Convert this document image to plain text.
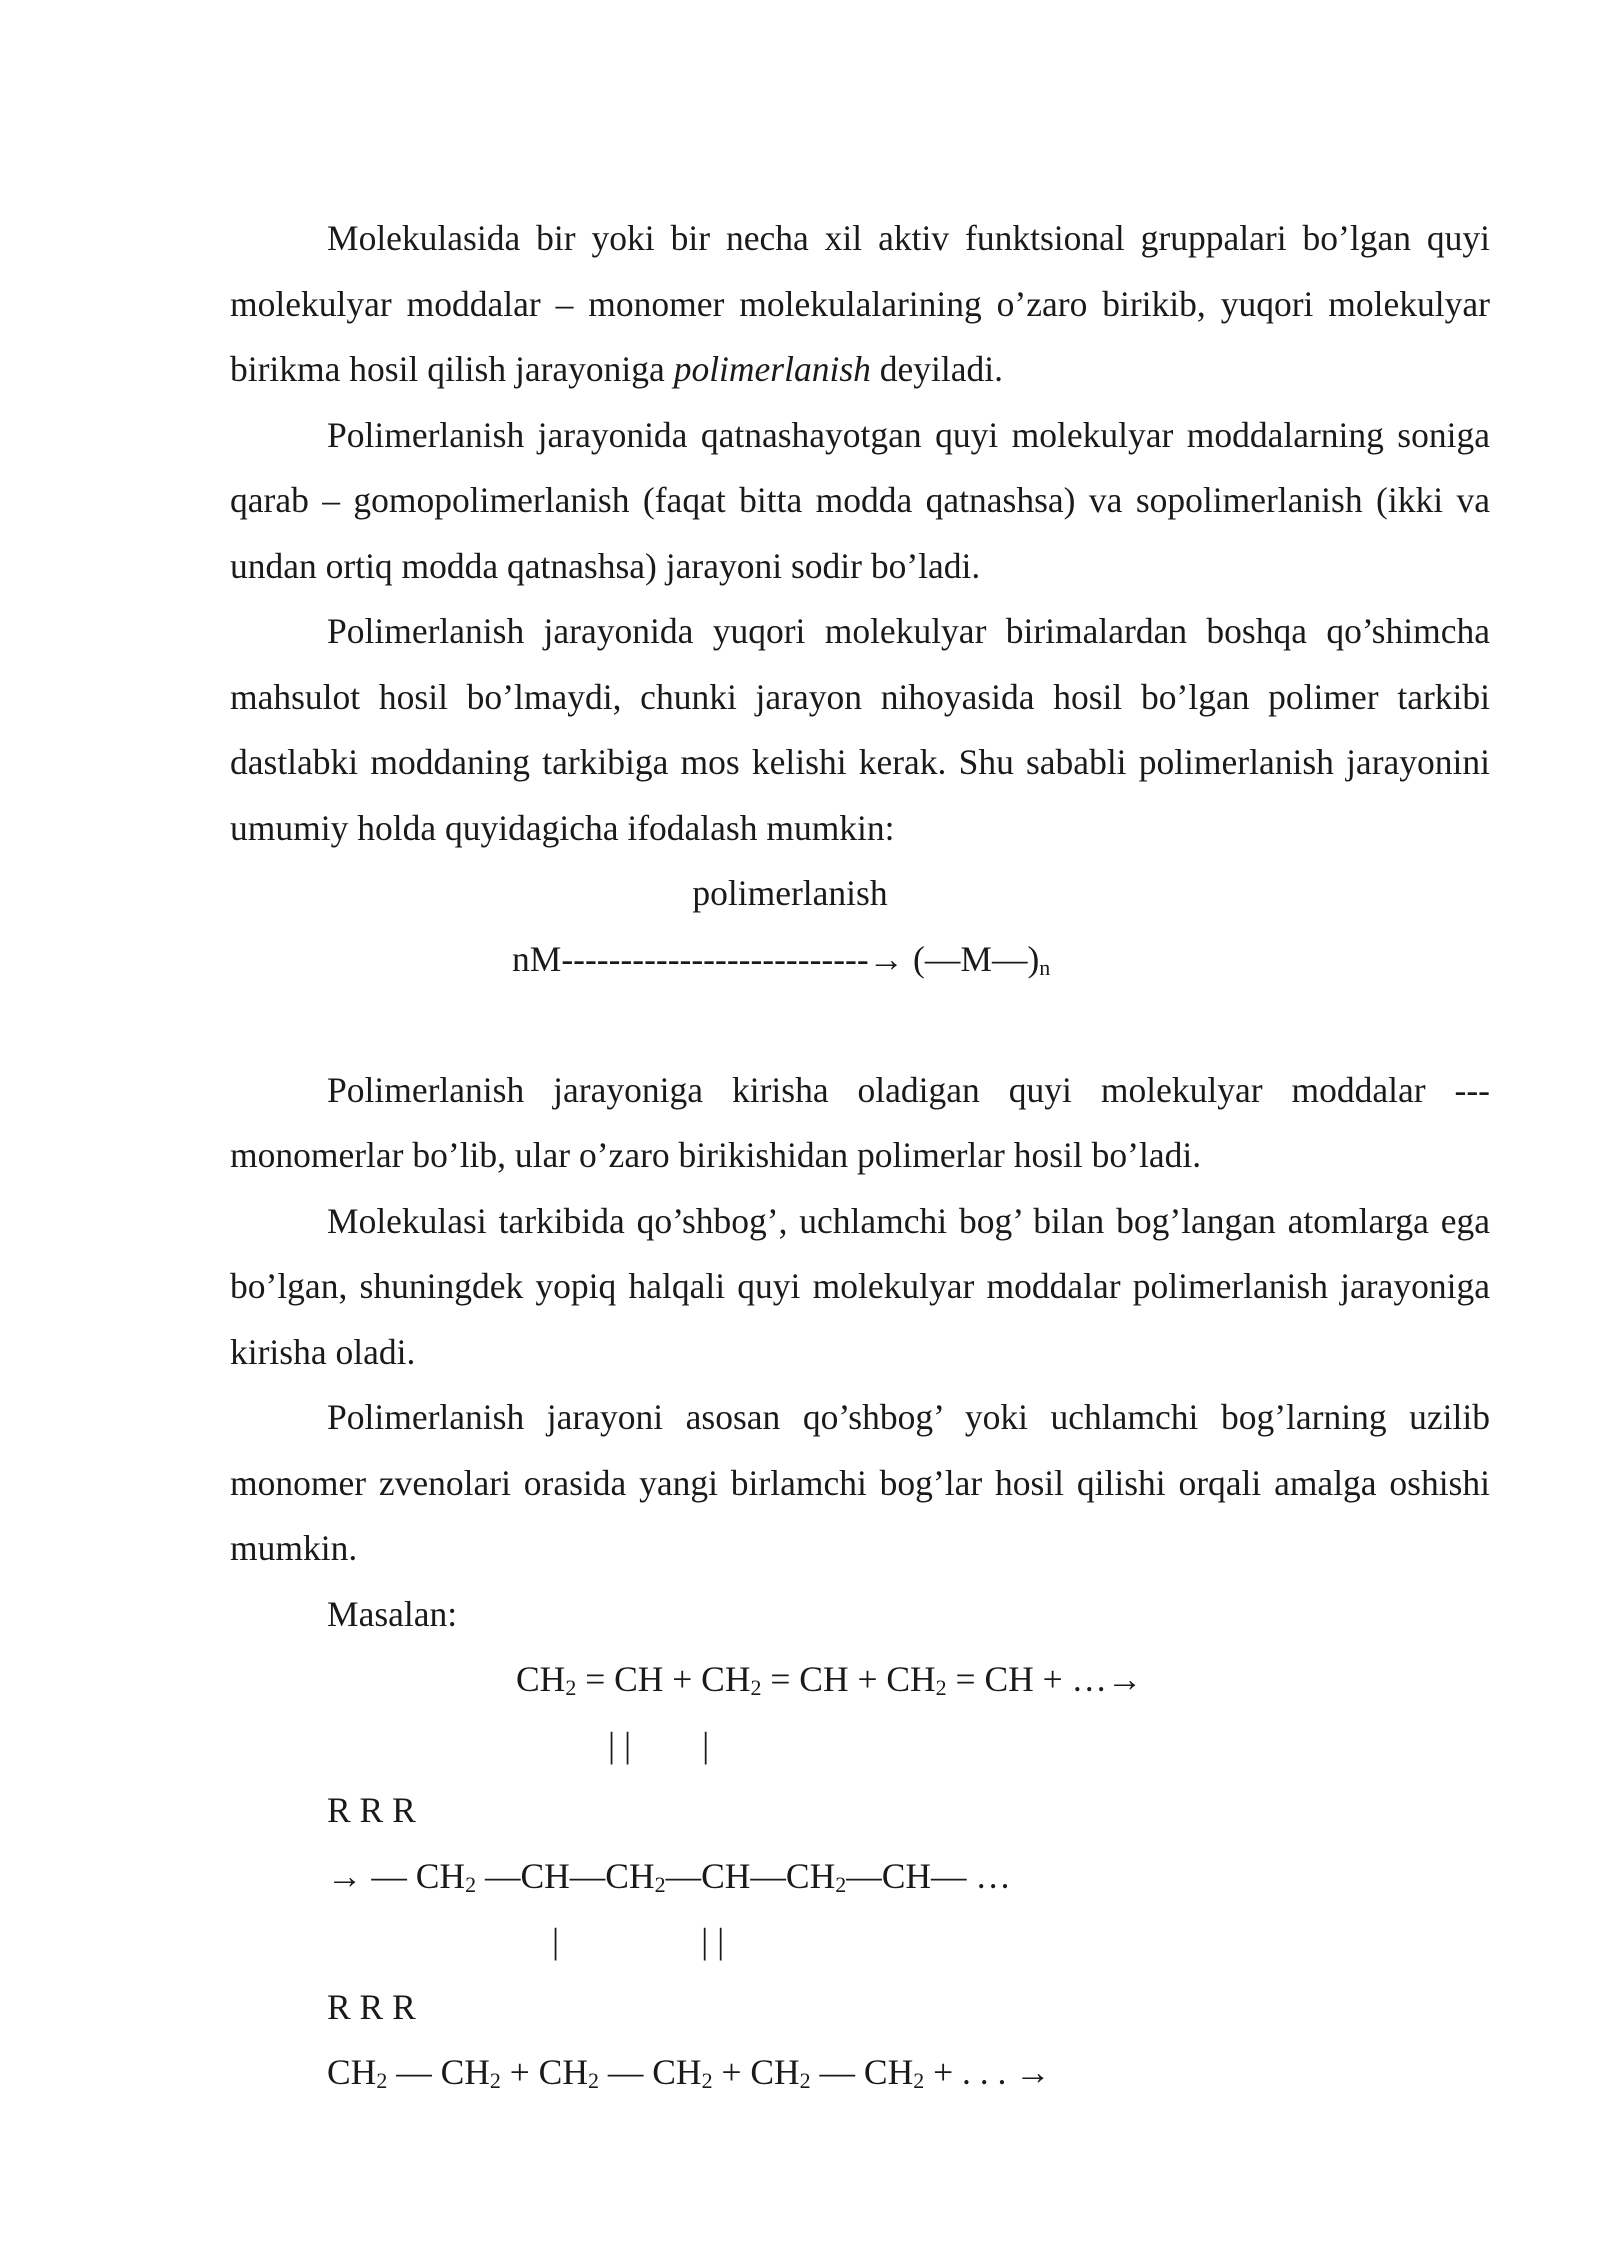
Molekulasida bir yoki bir necha xil aktiv funktsional gruppalari bo’lgan quyi molekulyar moddalar – monomer molekulalarining o’zaro birikib, yuqori molekulyar birikma hosil qilish jarayoniga polimerlanish deyiladi.

Polimerlanish jarayonida qatnashayotgan quyi molekulyar moddalarning soniga qarab – gomopolimerlanish (faqat bitta modda qatnashsa) va sopolimerlanish (ikki va undan ortiq modda qatnashsa) jarayoni sodir bo’ladi.

Polimerlanish jarayonida yuqori molekulyar birimalardan boshqa qo’shimcha mahsulot hosil bo’lmaydi, chunki jarayon nihoyasida hosil bo’lgan polimer tarkibi dastlabki moddaning tarkibiga mos kelishi kerak. Shu sababli polimerlanish jarayonini umumiy holda quyidagicha ifodalash mumkin:

polimerlanish

$nM--------------------------\to (—M—)_n$

Polimerlanish jarayoniga kirisha oladigan quyi molekulyar moddalar --- monomerlar bo’lib, ular o’zaro birikishidan polimerlar hosil bo’ladi.

Molekulasi tarkibida qo’shbog’, uchlamchi bog’ bilan bog’langan atomlarga ega bo’lgan, shuningdek yopiq halqali quyi molekulyar moddalar polimerlanish jarayoniga kirisha oladi.

Polimerlanish jarayoni asosan qo’shbog’ yoki uchlamchi bog’larning uzilib monomer zvenolari orasida yangi birlamchi bog’lar hosil qilishi orqali amalga oshishi mumkin.

Masalan:

$CH_2$ = CH + $CH_2$ = CH + $CH_2$ = CH + …→

| |        |

R R R

→ — $CH_2$ $—CH—CH_2—CH—CH_2—CH—$ …

|                | |

R R R

$CH_2$ — $CH_2 + CH_2$ — $CH_2 + CH_2$ — $CH_2$ + . . . →
